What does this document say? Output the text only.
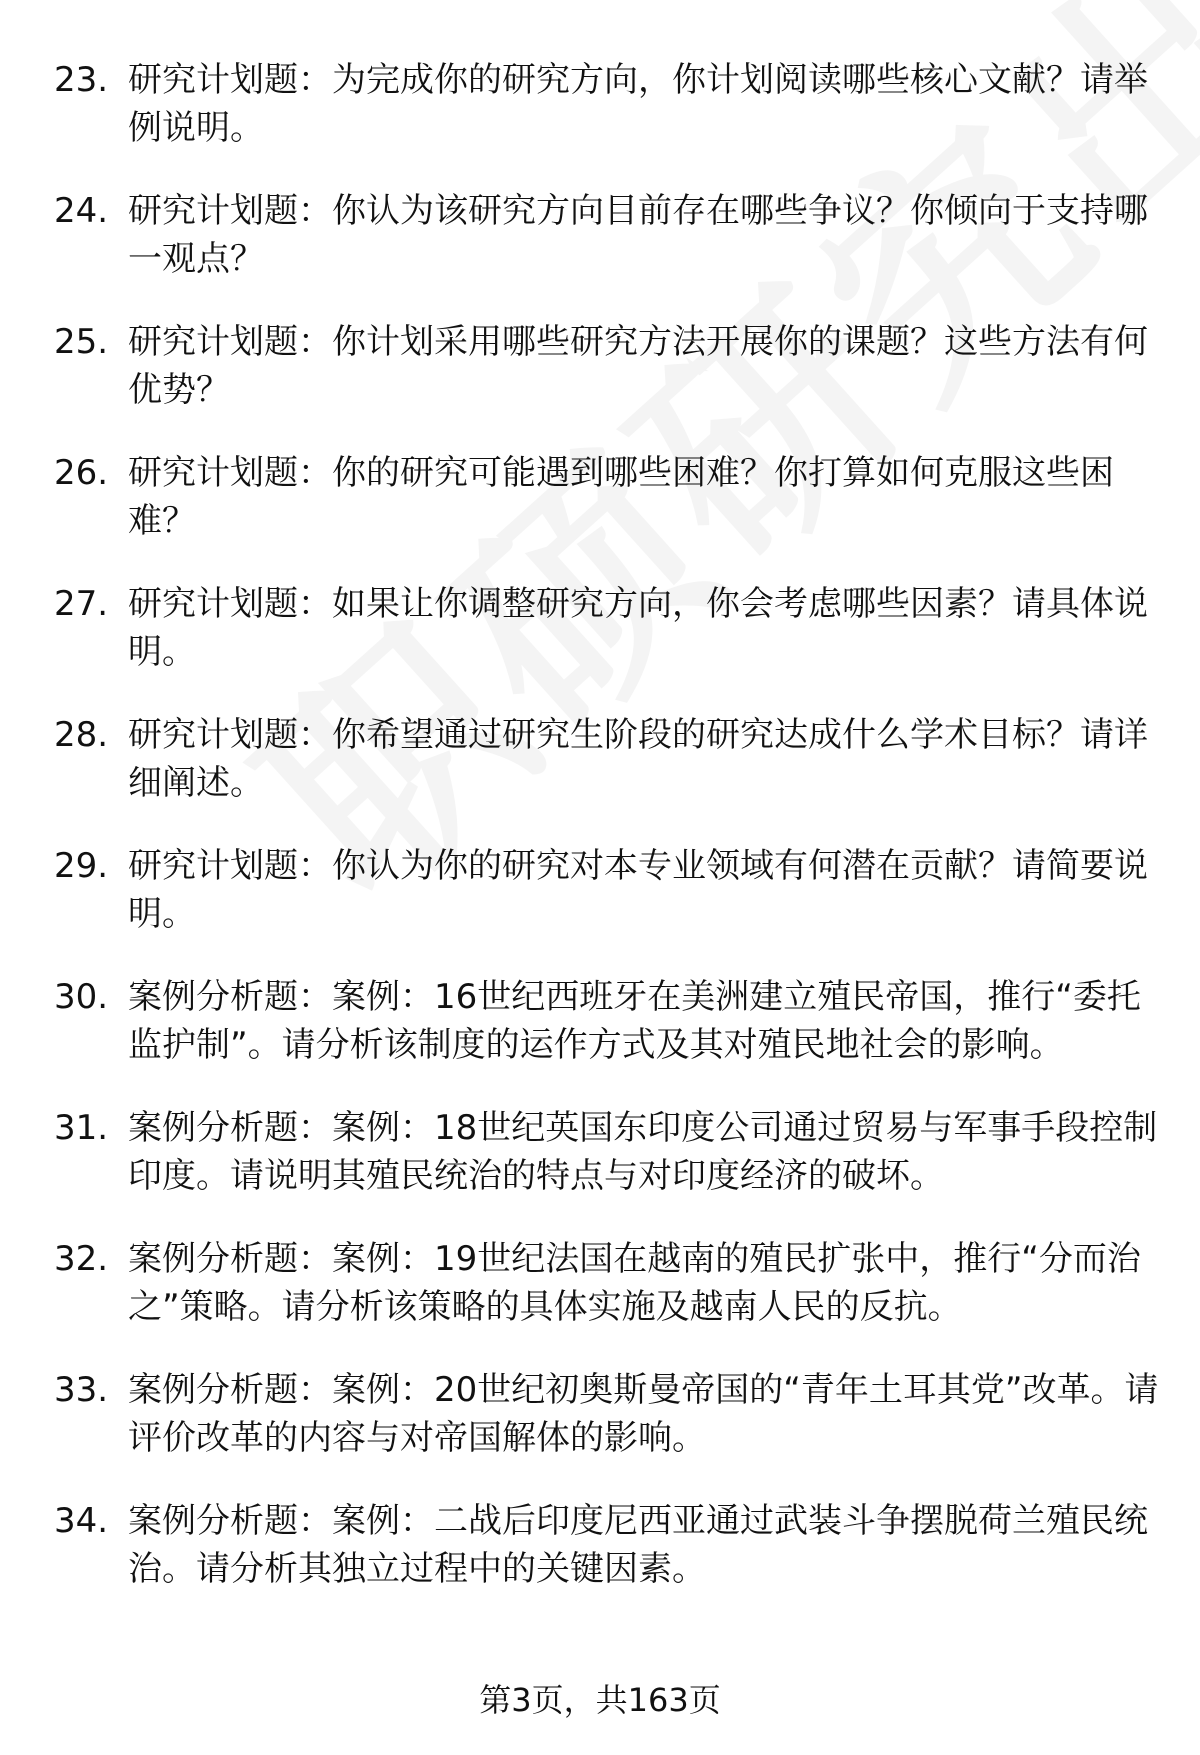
23. 研究计划题：为完成你的研究方向，你计划阅读哪些核心文献？请举例说明。
24. 研究计划题：你认为该研究方向目前存在哪些争议？你倾向于支持哪一观点？
25. 研究计划题：你计划采用哪些研究方法开展你的课题？这些方法有何优势？
26. 研究计划题：你的研究可能遇到哪些困难？你打算如何克服这些困难？
27. 研究计划题：如果让你调整研究方向，你会考虑哪些因素？请具体说明。
28. 研究计划题：你希望通过研究生阶段的研究达成什么学术目标？请详细阐述。
29. 研究计划题：你认为你的研究对本专业领域有何潜在贡献？请简要说明。
30. 案例分析题：案例：16世纪西班牙在美洲建立殖民帝国，推行“委托监护制”。请分析该制度的运作方式及其对殖民地社会的影响。
31. 案例分析题：案例：18世纪英国东印度公司通过贸易与军事手段控制印度。请说明其殖民统治的特点与对印度经济的破坏。
32. 案例分析题：案例：19世纪法国在越南的殖民扩张中，推行“分而治之”策略。请分析该策略的具体实施及越南人民的反抗。
33. 案例分析题：案例：20世纪初奥斯曼帝国的“青年土耳其党”改革。请评价改革的内容与对帝国解体的影响。
34. 案例分析题：案例：二战后印度尼西亚通过武装斗争摆脱荷兰殖民统治。请分析其独立过程中的关键因素。
第3页，共163页
